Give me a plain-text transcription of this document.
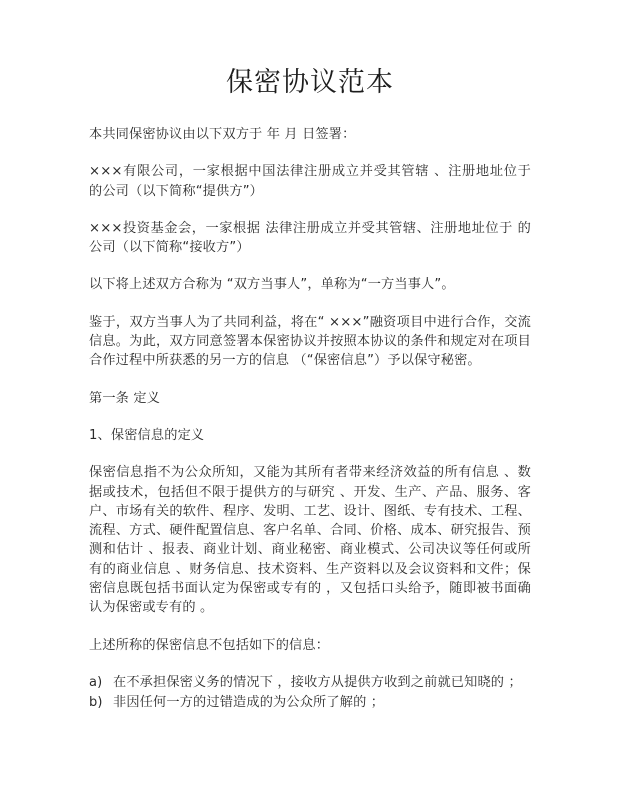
保密协议范本

本共同保密协议由以下双方于 年 月 日签署：

×××有限公司，一家根据中国法律注册成立并受其管辖 、注册地址位于 的公司（以下简称“提供方”）

×××投资基金会，一家根据 法律注册成立并受其管辖、注册地址位于 的公司（以下简称“接收方”）

以下将上述双方合称为 “双方当事人”，单称为“一方当事人”。

鉴于，双方当事人为了共同利益，将在“ ×××”融资项目中进行合作，交流信息。为此，双方同意签署本保密协议并按照本协议的条件和规定对在项目合作过程中所获悉的另一方的信息 （“保密信息”）予以保守秘密。

第一条 定义

1、保密信息的定义

保密信息指不为公众所知，又能为其所有者带来经济效益的所有信息 、数据或技术，包括但不限于提供方的与研究 、开发、生产、产品、服务、客户、市场有关的软件、程序、发明、工艺、设计、图纸、专有技术、工程、流程、方式、硬件配置信息、客户名单、合同、价格、成本、研究报告、预测和估计 、报表、商业计划、商业秘密、商业模式、公司决议等任何或所有的商业信息 、财务信息、技术资料、生产资料以及会议资料和文件；保密信息既包括书面认定为保密或专有的 ，又包括口头给予，随即被书面确认为保密或专有的 。

上述所称的保密信息不包括如下的信息：

a) 在不承担保密义务的情况下 ，接收方从提供方收到之前就已知晓的 ；
b) 非因任何一方的过错造成的为公众所了解的 ；
